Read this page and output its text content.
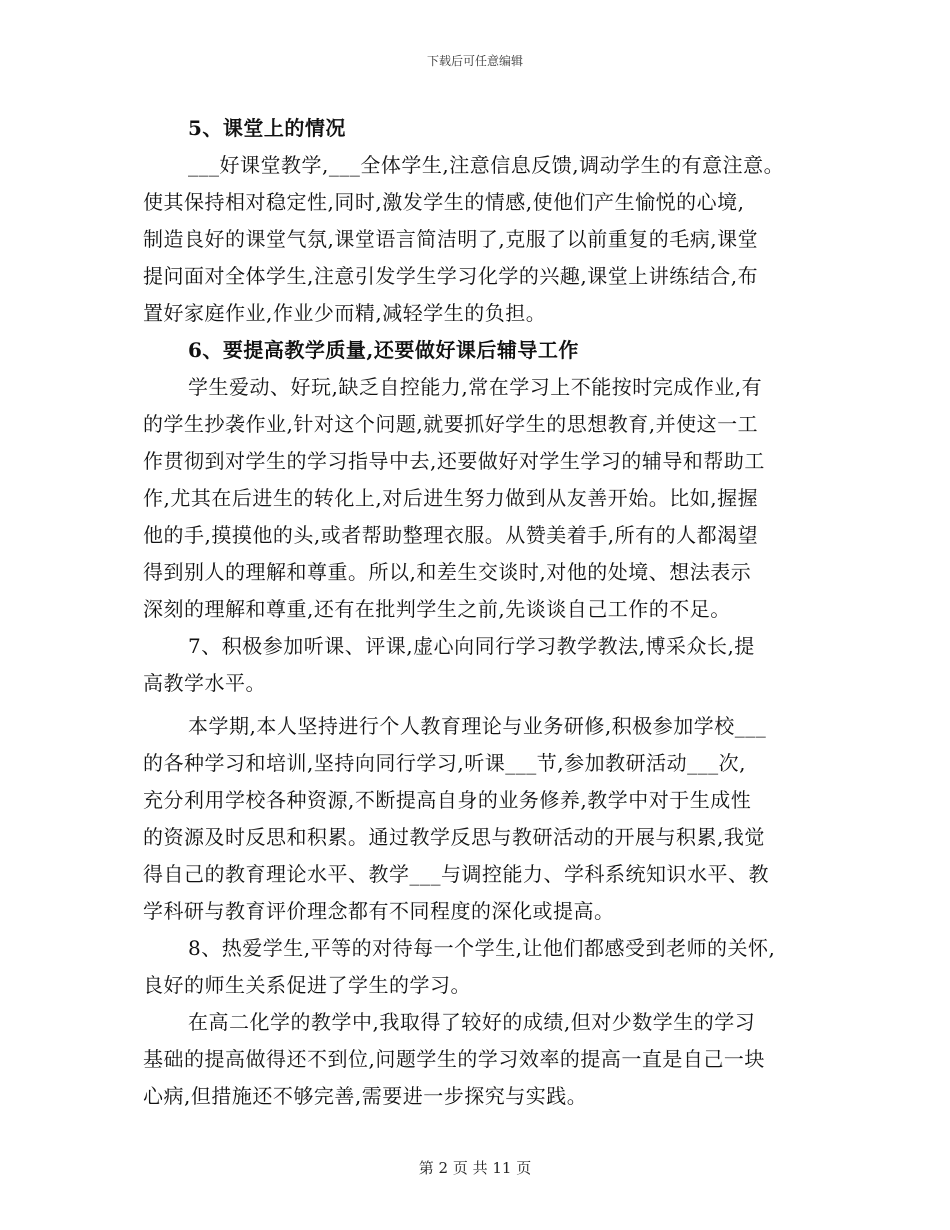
下载后可任意编辑
5、课堂上的情况
___好课堂教学,___全体学生,注意信息反馈,调动学生的有意注意。
使其保持相对稳定性,同时,激发学生的情感,使他们产生愉悦的心境,
制造良好的课堂气氛,课堂语言简洁明了,克服了以前重复的毛病,课堂
提问面对全体学生,注意引发学生学习化学的兴趣,课堂上讲练结合,布
置好家庭作业,作业少而精,减轻学生的负担。
6、要提高教学质量,还要做好课后辅导工作
学生爱动、好玩,缺乏自控能力,常在学习上不能按时完成作业,有
的学生抄袭作业,针对这个问题,就要抓好学生的思想教育,并使这一工
作贯彻到对学生的学习指导中去,还要做好对学生学习的辅导和帮助工
作,尤其在后进生的转化上,对后进生努力做到从友善开始。比如,握握
他的手,摸摸他的头,或者帮助整理衣服。从赞美着手,所有的人都渴望
得到别人的理解和尊重。所以,和差生交谈时,对他的处境、想法表示
深刻的理解和尊重,还有在批判学生之前,先谈谈自己工作的不足。
7、积极参加听课、评课,虚心向同行学习教学教法,博采众长,提
高教学水平。
本学期,本人坚持进行个人教育理论与业务研修,积极参加学校___
的各种学习和培训,坚持向同行学习,听课___节,参加教研活动___次,
充分利用学校各种资源,不断提高自身的业务修养,教学中对于生成性
的资源及时反思和积累。通过教学反思与教研活动的开展与积累,我觉
得自己的教育理论水平、教学___与调控能力、学科系统知识水平、教
学科研与教育评价理念都有不同程度的深化或提高。
8、热爱学生,平等的对待每一个学生,让他们都感受到老师的关怀,
良好的师生关系促进了学生的学习。
在高二化学的教学中,我取得了较好的成绩,但对少数学生的学习
基础的提高做得还不到位,问题学生的学习效率的提高一直是自己一块
心病,但措施还不够完善,需要进一步探究与实践。
第 2 页 共 11 页
